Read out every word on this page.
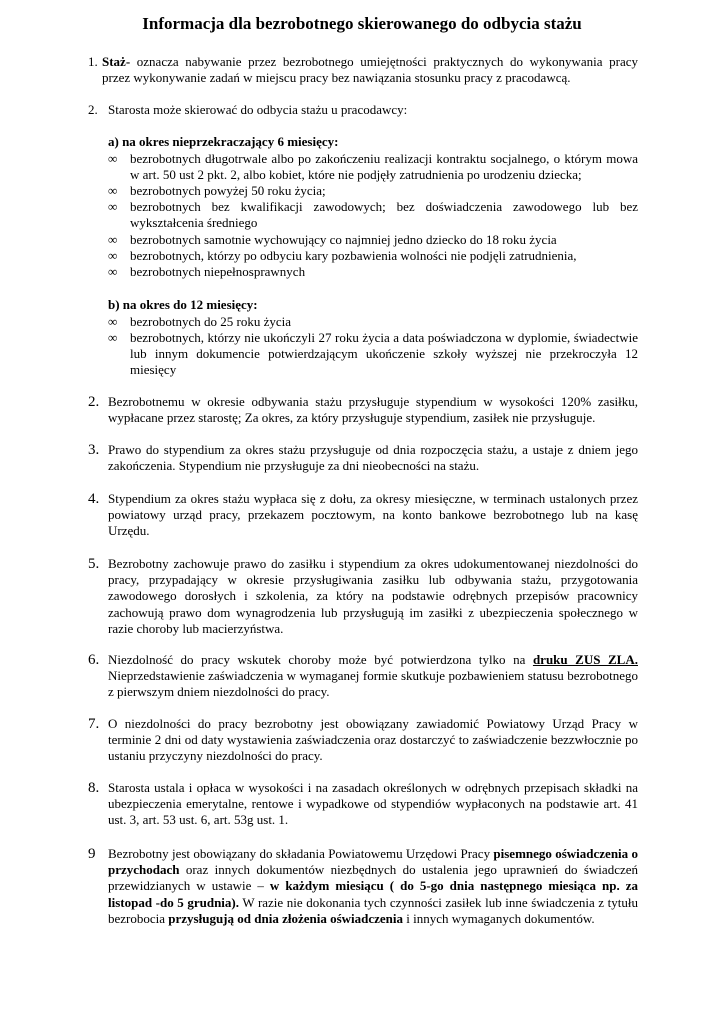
Informacja dla bezrobotnego skierowanego do odbycia stażu
1. Staż- oznacza nabywanie przez bezrobotnego umiejętności praktycznych do wykonywania pracy przez wykonywanie zadań w miejscu pracy bez nawiązania stosunku pracy z pracodawcą.
2. Starosta może skierować do odbycia stażu u pracodawcy:
a) na okres nieprzekraczający 6 miesięcy:
∞ bezrobotnych długotrwale albo po zakończeniu realizacji kontraktu socjalnego, o którym mowa w art. 50 ust 2 pkt. 2, albo kobiet, które nie podjęły zatrudnienia po urodzeniu dziecka;
∞ bezrobotnych powyżej 50 roku życia;
∞ bezrobotnych bez kwalifikacji zawodowych; bez doświadczenia zawodowego lub bez wykształcenia średniego
∞ bezrobotnych samotnie wychowujący co najmniej jedno dziecko do 18 roku życia
∞ bezrobotnych, którzy po odbyciu kary pozbawienia wolności nie podjęli zatrudnienia,
∞ bezrobotnych niepełnosprawnych
b) na okres do 12 miesięcy:
∞ bezrobotnych do 25 roku życia
∞ bezrobotnych, którzy nie ukończyli 27 roku życia a data poświadczona w dyplomie, świadectwie lub innym dokumencie potwierdzającym ukończenie szkoły wyższej nie przekroczyła 12 miesięcy
2. Bezrobotnemu w okresie odbywania stażu przysługuje stypendium w wysokości 120% zasiłku, wypłacane przez starostę; Za okres, za który przysługuje stypendium, zasiłek nie przysługuje.
3. Prawo do stypendium za okres stażu przysługuje od dnia rozpoczęcia stażu, a ustaje z dniem jego zakończenia. Stypendium nie przysługuje za dni nieobecności na stażu.
4. Stypendium za okres stażu wypłaca się z dołu, za okresy miesięczne, w terminach ustalonych przez powiatowy urząd pracy, przekazem pocztowym, na konto bankowe bezrobotnego lub na kasę Urzędu.
5. Bezrobotny zachowuje prawo do zasiłku i stypendium za okres udokumentowanej niezdolności do pracy, przypadający w okresie przysługiwania zasiłku lub odbywania stażu, przygotowania zawodowego dorosłych i szkolenia, za który na podstawie odrębnych przepisów pracownicy zachowują prawo dom wynagrodzenia lub przysługują im zasiłki z ubezpieczenia społecznego w razie choroby lub macierzyństwa.
6. Niezdolność do pracy wskutek choroby może być potwierdzona tylko na druku ZUS ZLA. Nieprzedstawienie zaświadczenia w wymaganej formie skutkuje pozbawieniem statusu bezrobotnego z pierwszym dniem niezdolności do pracy.
7. O niezdolności do pracy bezrobotny jest obowiązany zawiadomić Powiatowy Urząd Pracy w terminie 2 dni od daty wystawienia zaświadczenia oraz dostarczyć to zaświadczenie bezzwłocznie po ustaniu przyczyny niezdolności do pracy.
8. Starosta ustala i opłaca w wysokości i na zasadach określonych w odrębnych przepisach składki na ubezpieczenia emerytalne, rentowe i wypadkowe od stypendiów wypłaconych na podstawie art. 41 ust. 3, art. 53 ust. 6, art. 53g ust. 1.
9 Bezrobotny jest obowiązany do składania Powiatowemu Urzędowi Pracy pisemnego oświadczenia o przychodach oraz innych dokumentów niezbędnych do ustalenia jego uprawnień do świadczeń przewidzianych w ustawie – w każdym miesiącu ( do 5-go dnia następnego miesiąca np. za listopad -do 5 grudnia). W razie nie dokonania tych czynności zasiłek lub inne świadczenia z tytułu bezrobocia przysługują od dnia złożenia oświadczenia i innych wymaganych dokumentów.
